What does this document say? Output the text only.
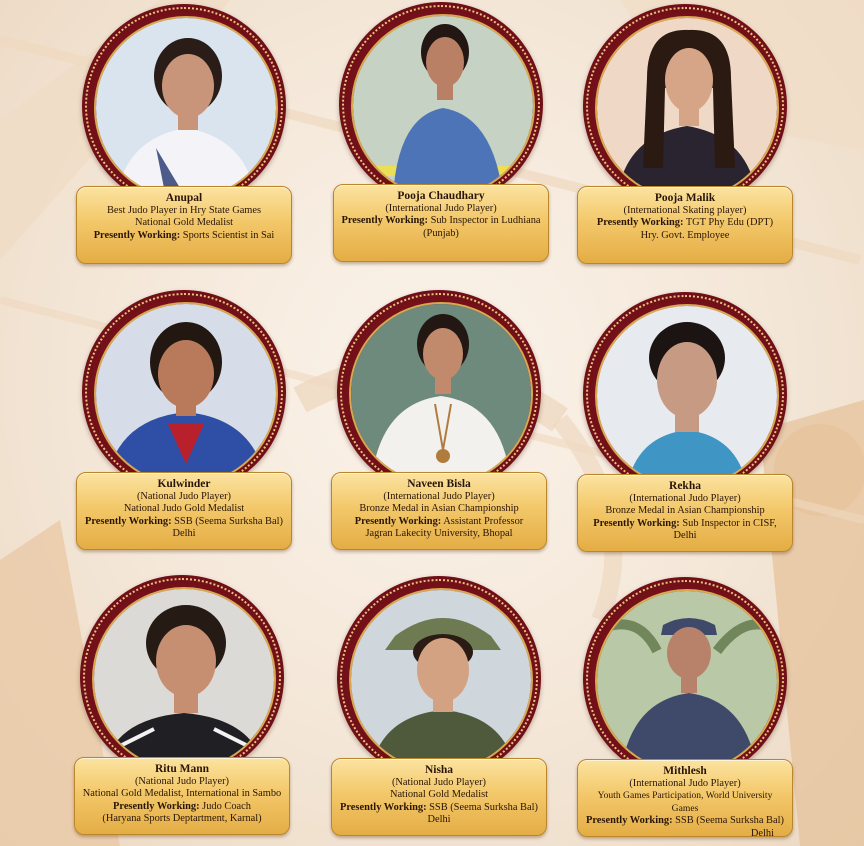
Anupal
Best Judo Player in Hry State Games
National Gold Medalist
Presently Working: Sports Scientist in Sai
Pooja Chaudhary
(International Judo Player)
Presently Working: Sub Inspector in Ludhiana
(Punjab)
Pooja Malik
(International Skating player)
Presently Working: TGT Phy Edu (DPT)
Hry. Govt. Employee
Kulwinder
(National Judo Player)
National Judo Gold Medalist
Presently Working: SSB (Seema Surksha Bal)
Delhi
Naveen Bisla
(International Judo Player)
Bronze Medal in Asian Championship
Presently Working: Assistant Professor
Jagran Lakecity University, Bhopal
Rekha
(International Judo Player)
Bronze Medal in Asian Championship
Presently Working: Sub Inspector in CISF, Delhi
Ritu Mann
(National Judo Player)
National Gold Medalist, International in Sambo
Presently Working: Judo Coach
(Haryana Sports Deptartment, Karnal)
Nisha
(National Judo Player)
National Gold Medalist
Presently Working: SSB (Seema Surksha Bal)
Delhi
Mithlesh
(International Judo Player)
Youth Games Participation, World University Games
Presently Working: SSB (Seema Surksha Bal)
Delhi
